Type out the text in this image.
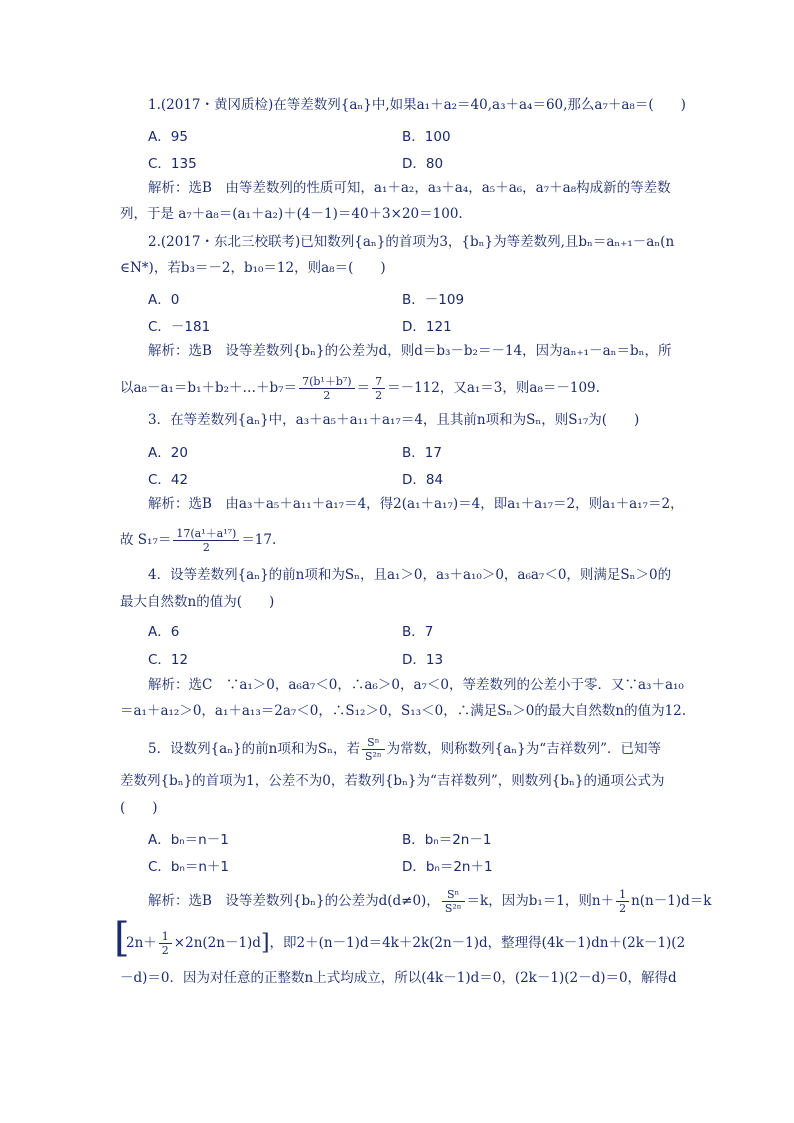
1.(2017・黄冈质检)在等差数列{aₙ}中,如果a₁＋a₂＝40,a₃＋a₄＝60,那么a₇＋a₈＝(　　)
A．95	B．100
C．135	D．80
解析：选B　由等差数列的性质可知，a₁＋a₂，a₃＋a₄，a₅＋a₆，a₇＋a₈构成新的等差数
列，于是 a₇＋a₈＝(a₁＋a₂)＋(4－1)＝40＋3×20＝100.
2.(2017・东北三校联考)已知数列{aₙ}的首项为3，{bₙ}为等差数列,且bₙ＝aₙ₊₁－aₙ(n
∈N*)，若b₃＝－2，b₁₀＝12，则a₈＝(　　)
A．0	B．－109
C．－181	D．121
解析：选B　设等差数列{bₙ}的公差为d，则d＝b₃－b₂＝－14，因为aₙ₊₁－aₙ＝bₙ，所
以a₈－a₁＝b₁＋b₂＋…＋b₇＝ $\frac{\text{7(b¹＋b⁷)}}{2} = \frac{7}{2} =-112$，又a₁＝3，则a₈＝－109.
3．在等差数列{aₙ}中，a₃＋a₅＋a₁₁＋a₁₇＝4，且其前n项和为Sₙ，则S₁₇为(　　)
A．20	B．17
C．42	D．84
解析：选B　由a₃＋a₅＋a₁₁＋a₁₇＝4，得2(a₁＋a₁₇)＝4，即a₁＋a₁₇＝2，则a₁＋a₁₇＝2，
故 $S_{17}= \frac{\text{17(a¹＋a¹⁷)}}{2} =17$.
4．设等差数列{aₙ}的前n项和为Sₙ，且a₁＞0，a₃＋a₁₀＞0，a₆a₇＜0，则满足Sₙ＞0的
最大自然数n的值为(　　)
A．6	B．7
C．12	D．13
解析：选C　∵a₁＞0，a₆a₇＜0，∴a₆＞0，a₇＜0，等差数列的公差小于零．又∵a₃＋a₁₀
＝a₁＋a₁₂＞0，a₁＋a₁₃＝2a₇＜0，∴S₁₂＞0，S₁₃＜0，∴满足Sₙ＞0的最大自然数n的值为12.
5．设数列{aₙ}的前n项和为Sₙ，若 $\frac{\text{Sⁿ}}{\text{S²ⁿ}}$ 为常数，则称数列{aₙ}为“吉祥数列”．已知等
差数列{bₙ}的首项为1，公差不为0，若数列{bₙ}为“吉祥数列”，则数列{bₙ}的通项公式为
(　　)
A．bₙ＝n－1	B．bₙ＝2n－1
C．bₙ＝n＋1	D．bₙ＝2n＋1
解析：选B　设等差数列{bₙ}的公差为d(d≠0)， $\frac{\text{Sⁿ}}{\text{S²ⁿ}} =k$，因为b₁＝1，则$n+ \frac{1}{2} n(n-1)d=k$
[
$2n+ \frac{1}{2} \times 2n(2n-1)d$]，即2＋(n－1)d＝4k＋2k(2n－1)d，整理得(4k－1)dn＋(2k－1)(2
－d)＝0．因为对任意的正整数n上式均成立，所以(4k－1)d＝0，(2k－1)(2－d)＝0，解得d
